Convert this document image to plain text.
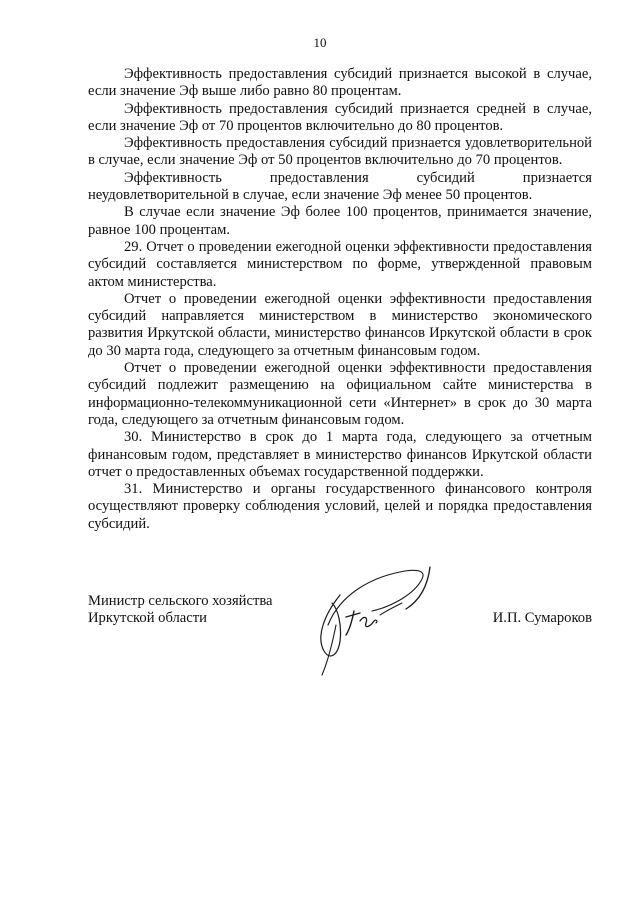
10

Эффективность предоставления субсидий признается высокой в случае, если значение Эф выше либо равно 80 процентам.

Эффективность предоставления субсидий признается средней в случае, если значение Эф от 70 процентов включительно до 80 процентов.

Эффективность предоставления субсидий признается удовлетворительной в случае, если значение Эф от 50 процентов включительно до 70 процентов.

Эффективность предоставления субсидий признается неудовлетворительной в случае, если значение Эф менее 50 процентов.

В случае если значение Эф более 100 процентов, принимается значение, равное 100 процентам.

29. Отчет о проведении ежегодной оценки эффективности предоставления субсидий составляется министерством по форме, утвержденной правовым актом министерства.

Отчет о проведении ежегодной оценки эффективности предоставления субсидий направляется министерством в министерство экономического развития Иркутской области, министерство финансов Иркутской области в срок до 30 марта года, следующего за отчетным финансовым годом.

Отчет о проведении ежегодной оценки эффективности предоставления субсидий подлежит размещению на официальном сайте министерства в информационно-телекоммуникационной сети «Интернет» в срок до 30 марта года, следующего за отчетным финансовым годом.

30. Министерство в срок до 1 марта года, следующего за отчетным финансовым годом, представляет в министерство финансов Иркутской области отчет о предоставленных объемах государственной поддержки.

31. Министерство и органы государственного финансового контроля осуществляют проверку соблюдения условий, целей и порядка предоставления субсидий.

Министр сельского хозяйства
Иркутской области	И.П. Сумароков
